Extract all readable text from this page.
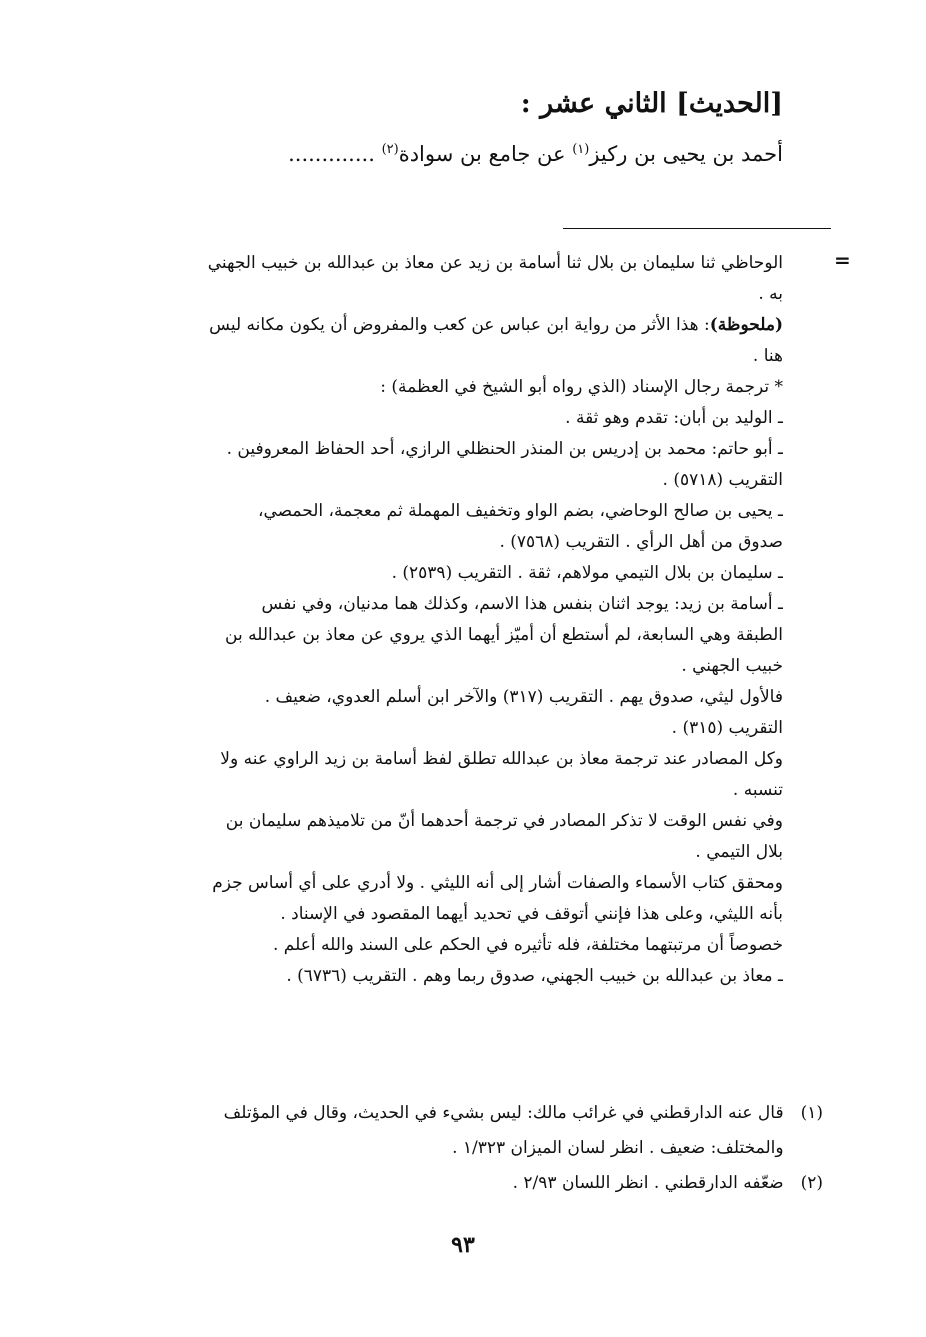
[الحديث] الثاني عشر :
أحمد بن يحيى بن ركيز$^{(١)}$ عن جامع بن سوادة$^{(٢)}$ .............
=
الوحاظي ثنا سليمان بن بلال ثنا أسامة بن زيد عن معاذ بن عبدالله بن خبيب الجهني
به .
(ملحوظة): هذا الأثر من رواية ابن عباس عن كعب والمفروض أن يكون مكانه ليس
هنا .
* ترجمة رجال الإسناد (الذي رواه أبو الشيخ في العظمة) :
ـ الوليد بن أبان: تقدم وهو ثقة .
ـ أبو حاتم: محمد بن إدريس بن المنذر الحنظلي الرازي، أحد الحفاظ المعروفين .
التقريب (٥٧١٨) .
ـ يحيى بن صالح الوحاضي، بضم الواو وتخفيف المهملة ثم معجمة، الحمصي،
صدوق من أهل الرأي . التقريب (٧٥٦٨) .
ـ سليمان بن بلال التيمي مولاهم، ثقة . التقريب (٢٥٣٩) .
ـ أسامة بن زيد: يوجد اثنان بنفس هذا الاسم، وكذلك هما مدنيان، وفي نفس
الطبقة وهي السابعة، لم أستطع أن أميّز أيهما الذي يروي عن معاذ بن عبدالله بن
خبيب الجهني .
فالأول ليثي، صدوق يهم . التقريب (٣١٧) والآخر ابن أسلم العدوي، ضعيف .
التقريب (٣١٥) .
وكل المصادر عند ترجمة معاذ بن عبدالله تطلق لفظ أسامة بن زيد الراوي عنه ولا
تنسبه .
وفي نفس الوقت لا تذكر المصادر في ترجمة أحدهما أنّ من تلاميذهم سليمان بن
بلال التيمي .
ومحقق كتاب الأسماء والصفات أشار إلى أنه الليثي . ولا أدري على أي أساس جزم
بأنه الليثي، وعلى هذا فإنني أتوقف في تحديد أيهما المقصود في الإسناد .
خصوصاً أن مرتبتهما مختلفة، فله تأثيره في الحكم على السند والله أعلم .
ـ معاذ بن عبدالله بن خبيب الجهني، صدوق ربما وهم . التقريب (٦٧٣٦) .
(١) قال عنه الدارقطني في غرائب مالك: ليس بشيء في الحديث، وقال في المؤتلف
والمختلف: ضعيف . انظر لسان الميزان ١/٣٢٣ .
(٢) ضعّفه الدارقطني . انظر اللسان ٢/٩٣ .
٩٣
